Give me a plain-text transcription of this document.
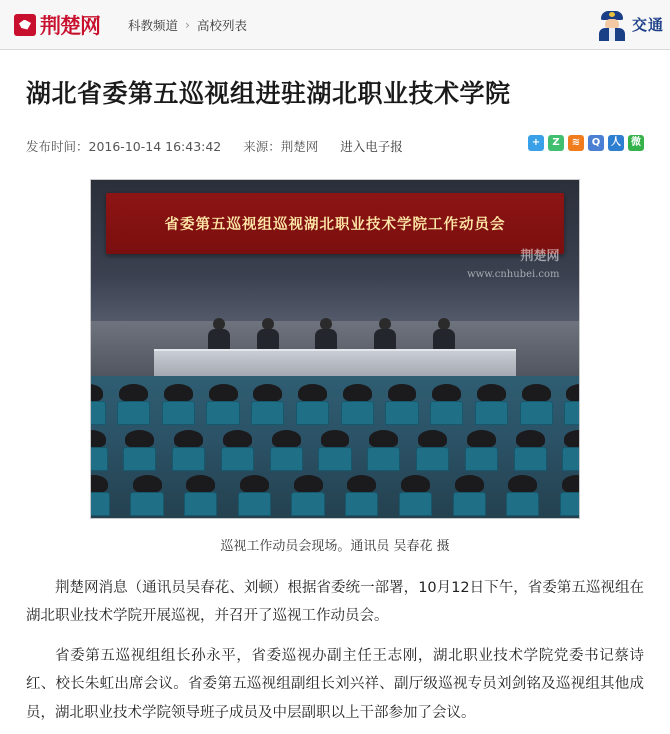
荆楚网 科教频道 › 高校列表	交通
湖北省委第五巡视组进驻湖北职业技术学院
发布时间：2016-10-14 16:43:42 来源：荆楚网 进入电子报	+	Z	≋	Q	人	微
省委第五巡视组巡视湖北职业技术学院工作动员会
荆楚网
www.cnhubei.com
巡视工作动员会现场。通讯员 吴春花 摄

荆楚网消息（通讯员吴春花、刘顿）根据省委统一部署，10月12日下午，省委第五巡视组在湖北职业技术学院开展巡视，并召开了巡视工作动员会。

省委第五巡视组组长孙永平，省委巡视办副主任王志刚，湖北职业技术学院党委书记蔡诗红、校长朱虹出席会议。省委第五巡视组副组长刘兴祥、副厅级巡视专员刘剑铭及巡视组其他成员，湖北职业技术学院领导班子成员及中层副职以上干部参加了会议。
